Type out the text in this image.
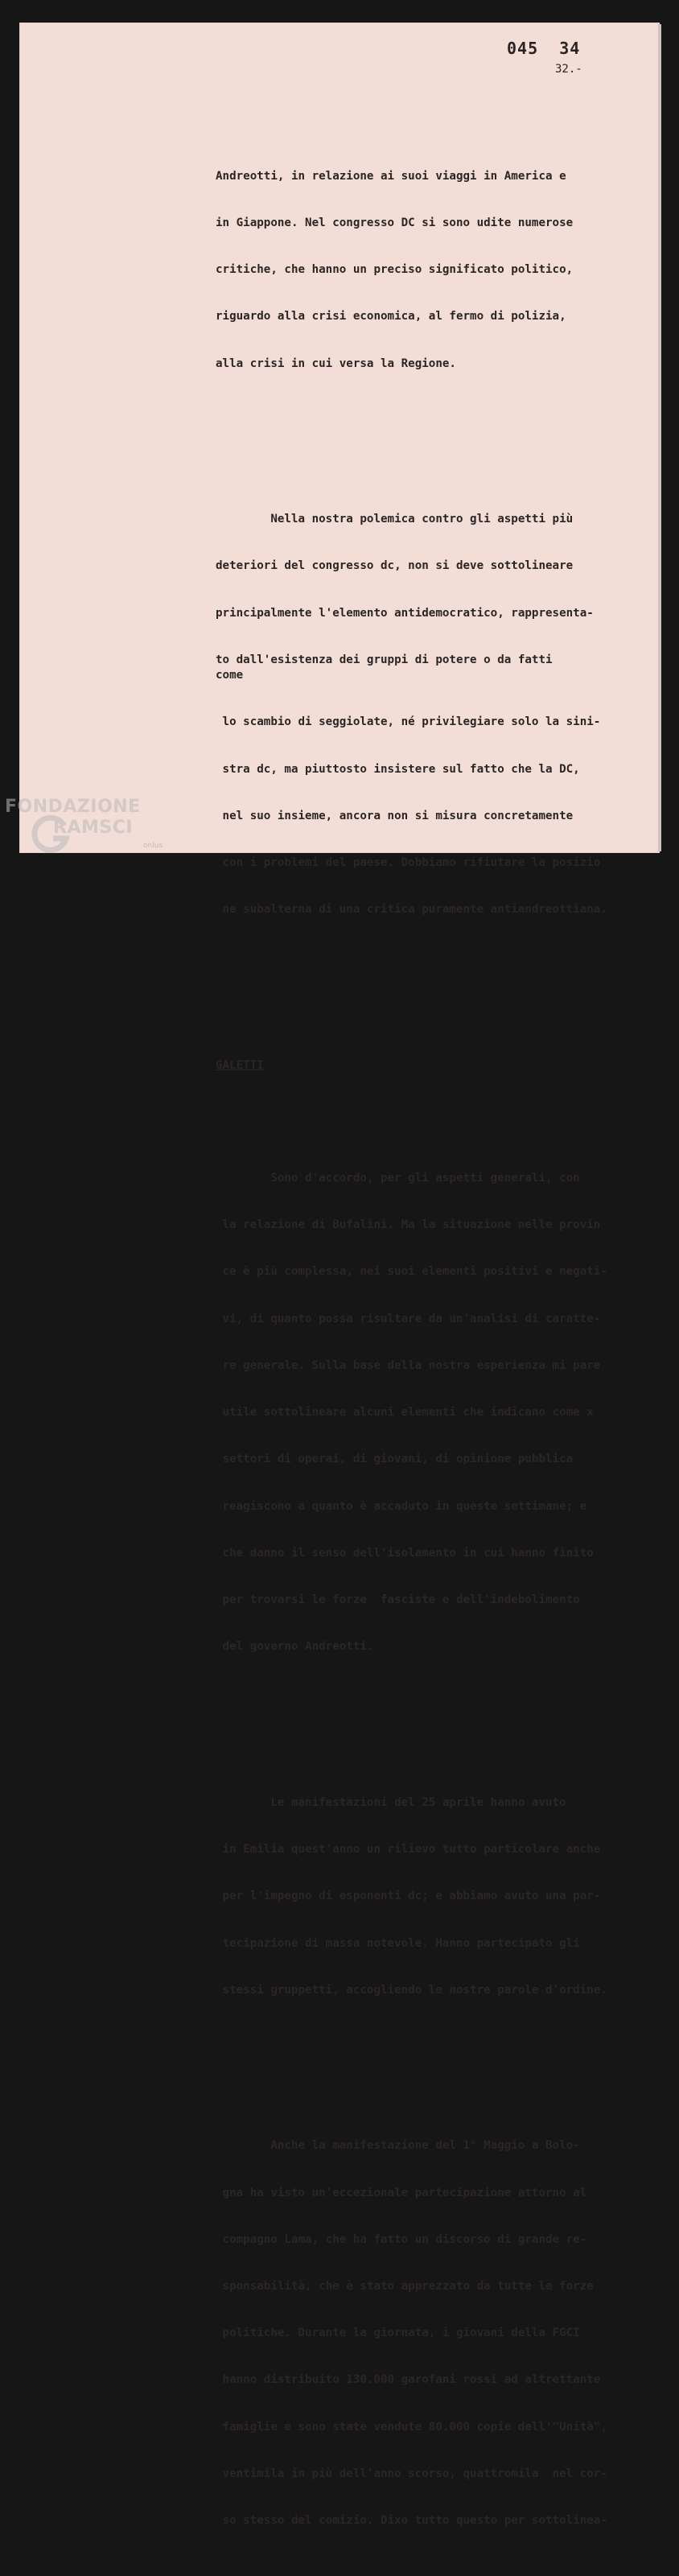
045  34
32.-

Andreotti, in relazione ai suoi viaggi in America e

in Giappone. Nel congresso DC si sono udite numerose

critiche, che hanno un preciso significato politico,

riguardo alla crisi economica, al fermo di polizia,

alla crisi in cui versa la Regione.

Nella nostra polemica contro gli aspetti più

deteriori del congresso dc, non si deve sottolineare

principalmente l'elemento antidemocratico, rappresenta-

to dall'esistenza dei gruppi di potere o da fatti
come

lo scambio di seggiolate, né privilegiare solo la sini-

stra dc, ma piuttosto insistere sul fatto che la DC,

nel suo insieme, ancora non si misura concretamente

con i problemi del paese. Dobbiamo rifiutare la posizio

ne subalterna di una critica puramente antiandreottiana.

GALETTI

Sono d'accordo, per gli aspetti generali, con

la relazione di Bufalini. Ma la situazione nelle provin

ce è più complessa, nei suoi elementi positivi e negati-

vi, di quanto possa risultare da un'analisi di caratte-

re generale. Sulla base della nostra esperienza mi pare

utile sottolineare alcuni elementi che indicano come x

settori di operai, di giovani, di opinione pubblica

reagiscono a quanto è accaduto in queste settimane; e

che danno il senso dell'isolamento in cui hanno finito

per trovarsi le forze  fasciste e dell'indebolimento

del governo Andreotti.

Le manifestazioni del 25 aprile hanno avuto

in Emilia quest'anno un rilievo tutto particolare anche

per l'impegno di esponenti dc; e abbiamo avuto una par-

tecipazione di massa notevole. Hanno partecipato gli

stessi gruppetti, accogliendo le nostre parole d'ordine.

Anche la manifestazione del 1° Maggio a Bolo-

gna ha visto un'eccezionale partecipazione attorno al

compagno Lama, che ha fatto un discorso di grande re-

sponsabilità, che è stato apprezzato da tutte le forze

politiche. Durante la giornata, i giovani della FGCI

hanno distribuito 130.000 garofani rossi ad altrettante

famiglie e sono state vendute 80.000 copie dell'"Unità",

ventimila in più dell'anno scorso, quattromila  nel cor-

so stesso del comizio. Dixo tutto questo per sottolinea-

FONDAZIONE
RAMSCI
onlus
